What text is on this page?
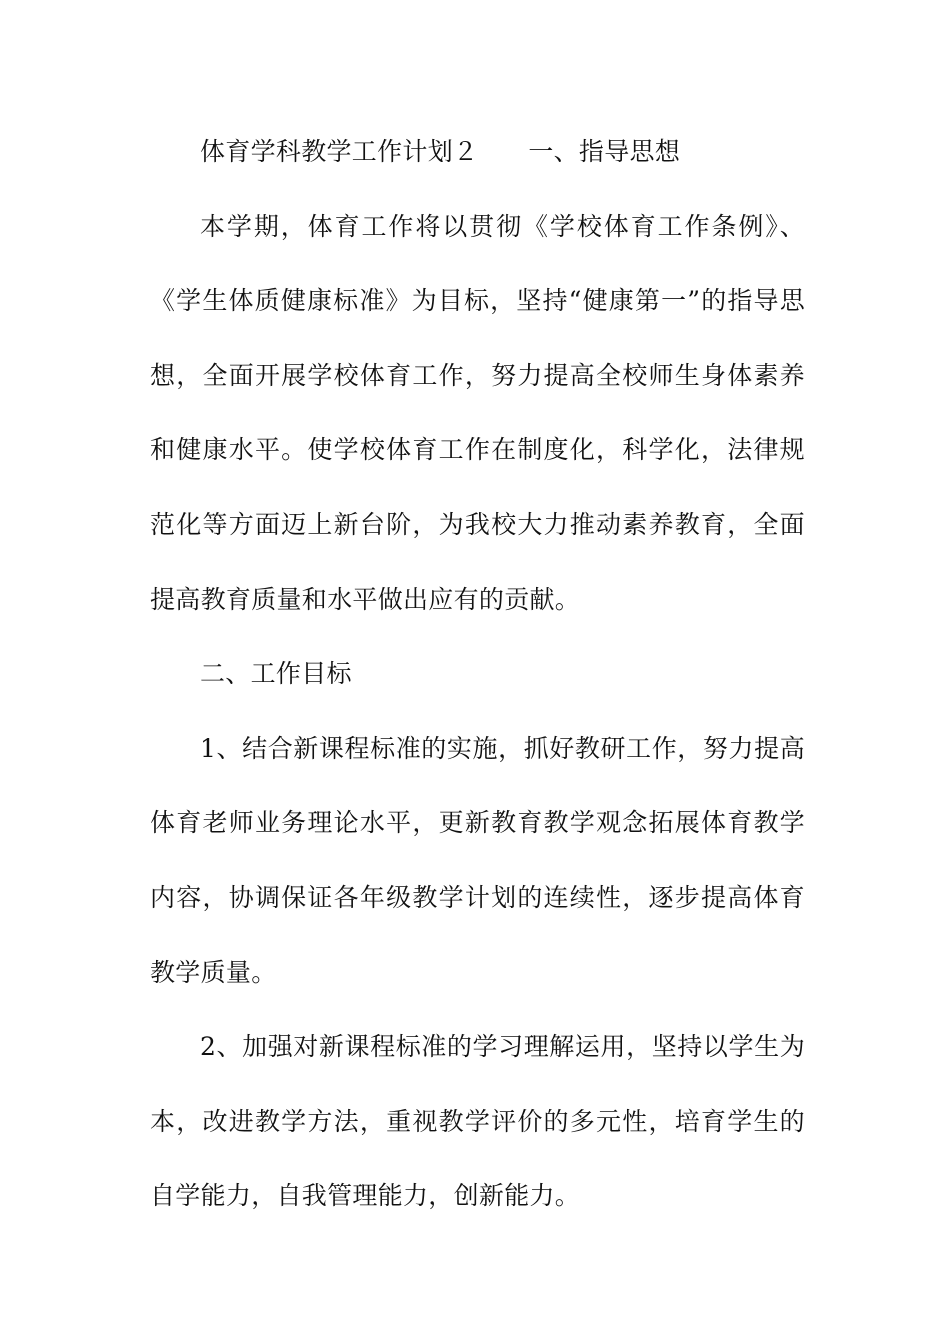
体育学科教学工作计划２ 一、指导思想

本学期，体育工作将以贯彻《学校体育工作条例》、《学生体质健康标准》为目标，坚持“健康第一”的指导思想，全面开展学校体育工作，努力提高全校师生身体素养和健康水平。使学校体育工作在制度化，科学化，法律规范化等方面迈上新台阶，为我校大力推动素养教育，全面提高教育质量和水平做出应有的贡献。

二、工作目标

1、结合新课程标准的实施，抓好教研工作，努力提高体育老师业务理论水平，更新教育教学观念拓展体育教学内容，协调保证各年级教学计划的连续性，逐步提高体育教学质量。

2、加强对新课程标准的学习理解运用，坚持以学生为本，改进教学方法，重视教学评价的多元性，培育学生的自学能力，自我管理能力，创新能力。
